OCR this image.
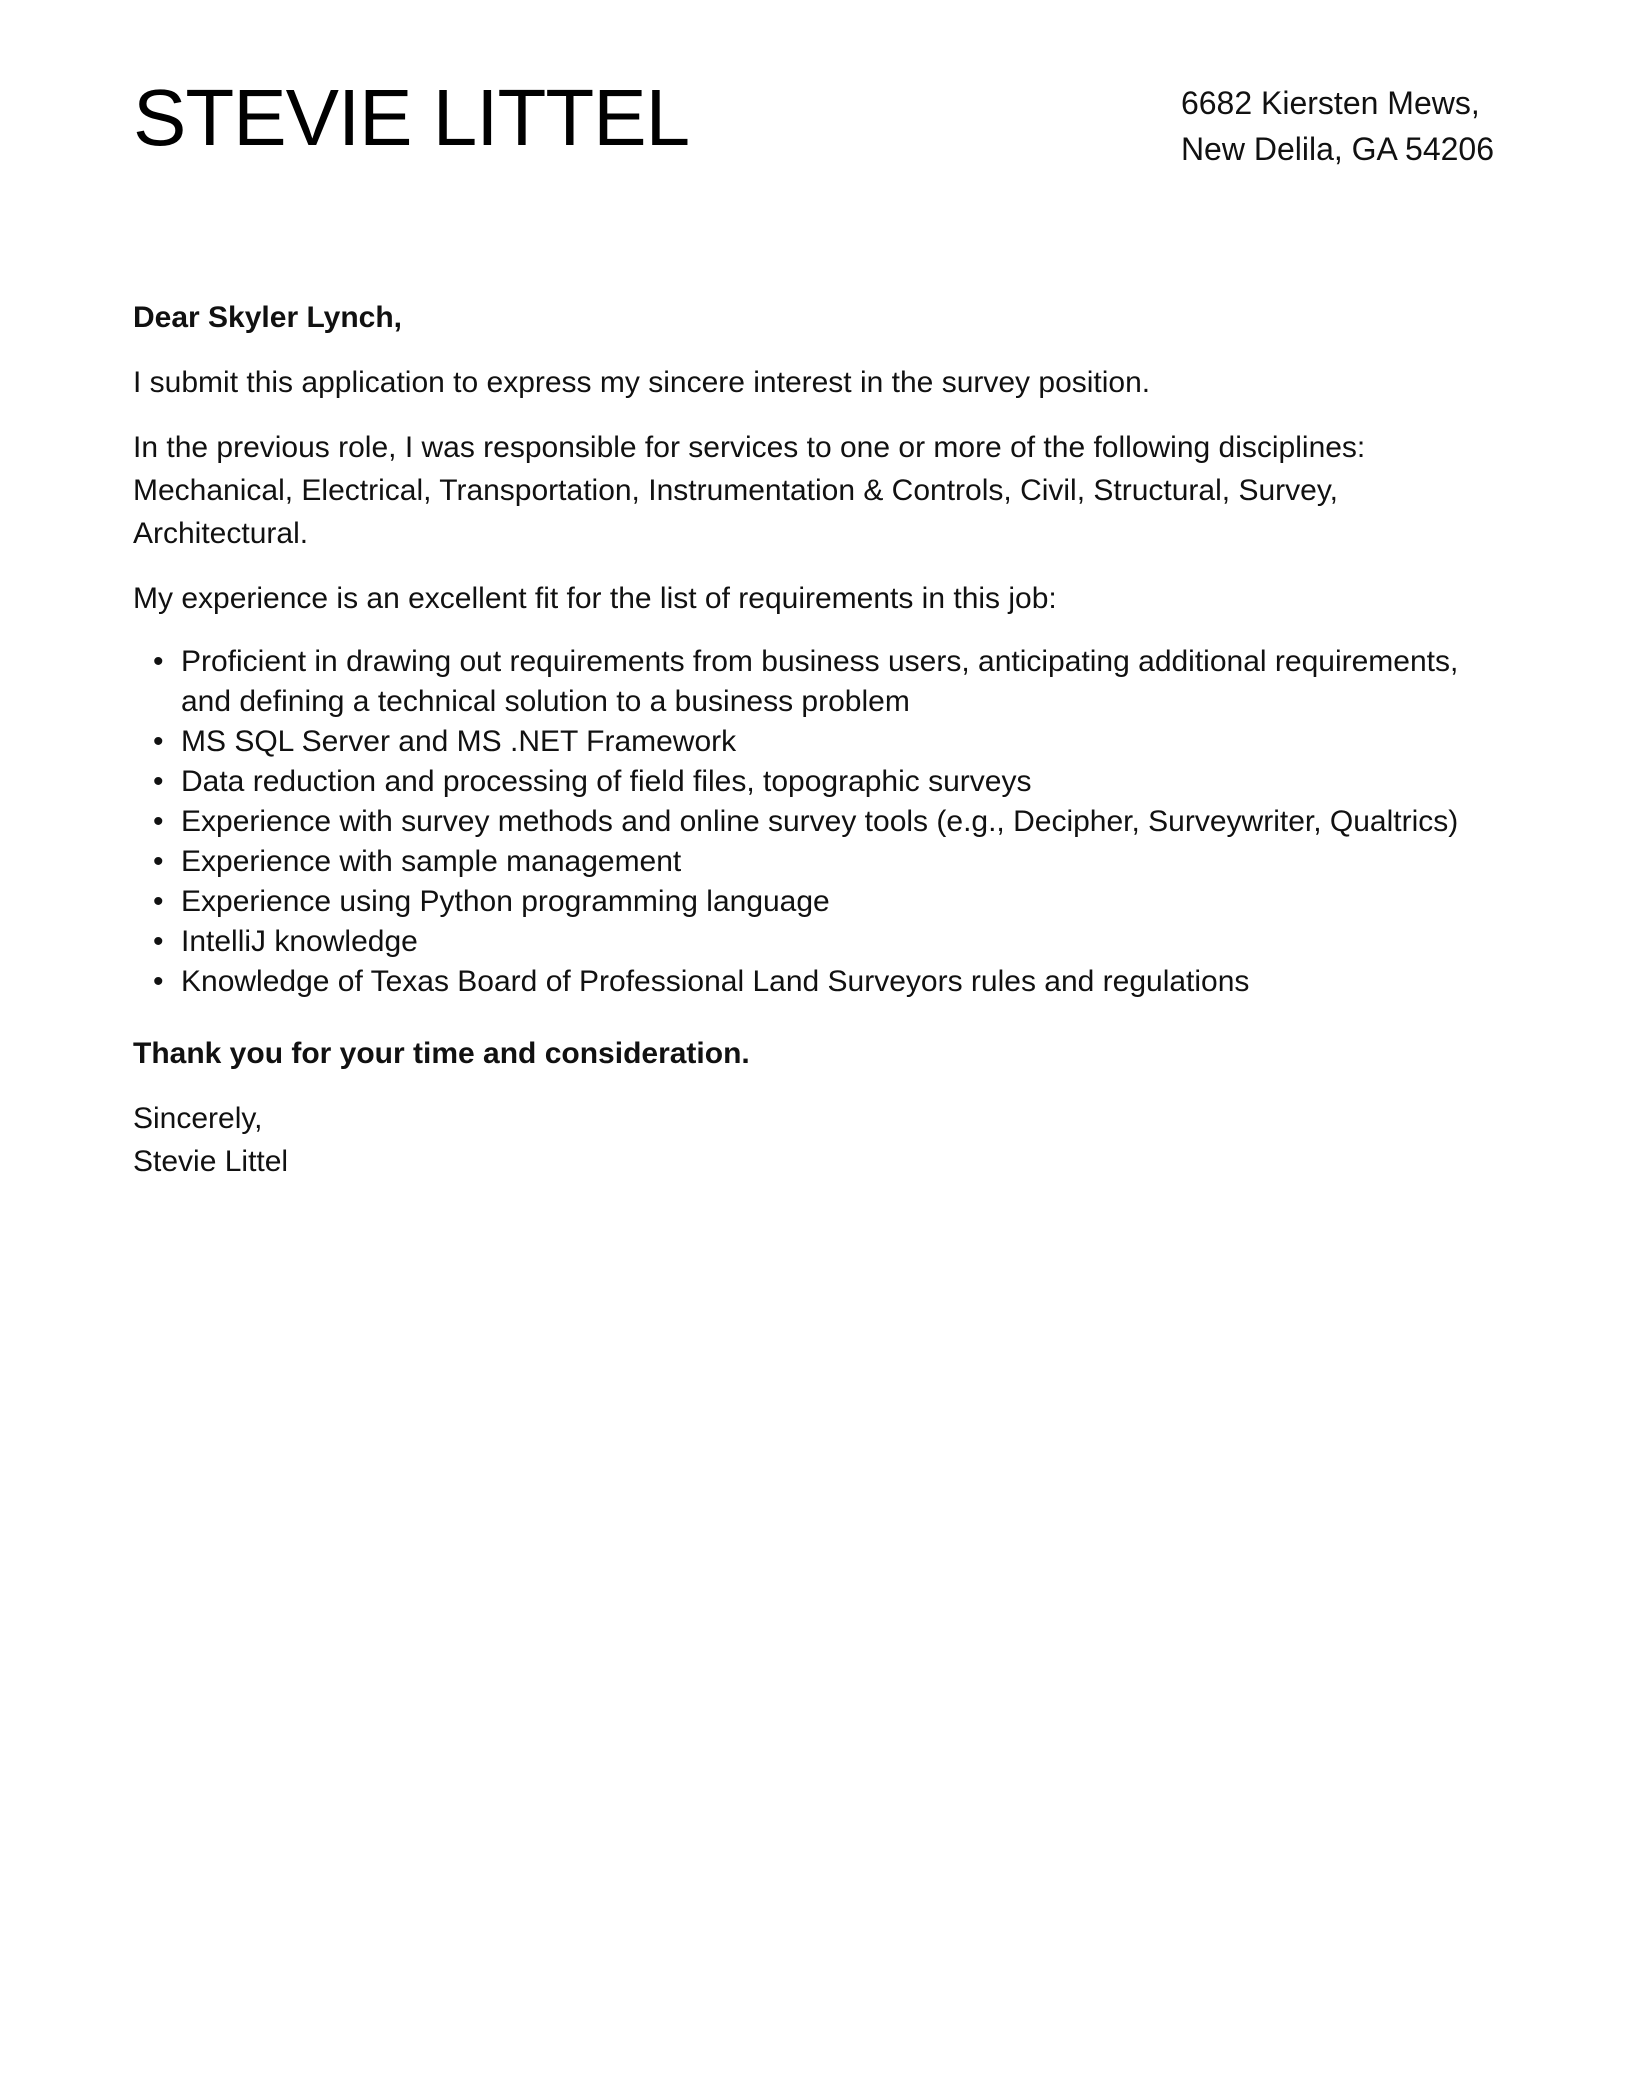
STEVIE LITTEL	6682 Kiersten Mews,
New Delila, GA 54206

Dear Skyler Lynch,

I submit this application to express my sincere interest in the survey position.

In the previous role, I was responsible for services to one or more of the following disciplines: Mechanical, Electrical, Transportation, Instrumentation & Controls, Civil, Structural, Survey, Architectural.

My experience is an excellent fit for the list of requirements in this job:

• Proficient in drawing out requirements from business users, anticipating additional requirements, and defining a technical solution to a business problem
• MS SQL Server and MS .NET Framework
• Data reduction and processing of field files, topographic surveys
• Experience with survey methods and online survey tools (e.g., Decipher, Surveywriter, Qualtrics)
• Experience with sample management
• Experience using Python programming language
• IntelliJ knowledge
• Knowledge of Texas Board of Professional Land Surveyors rules and regulations

Thank you for your time and consideration.

Sincerely,
Stevie Littel
